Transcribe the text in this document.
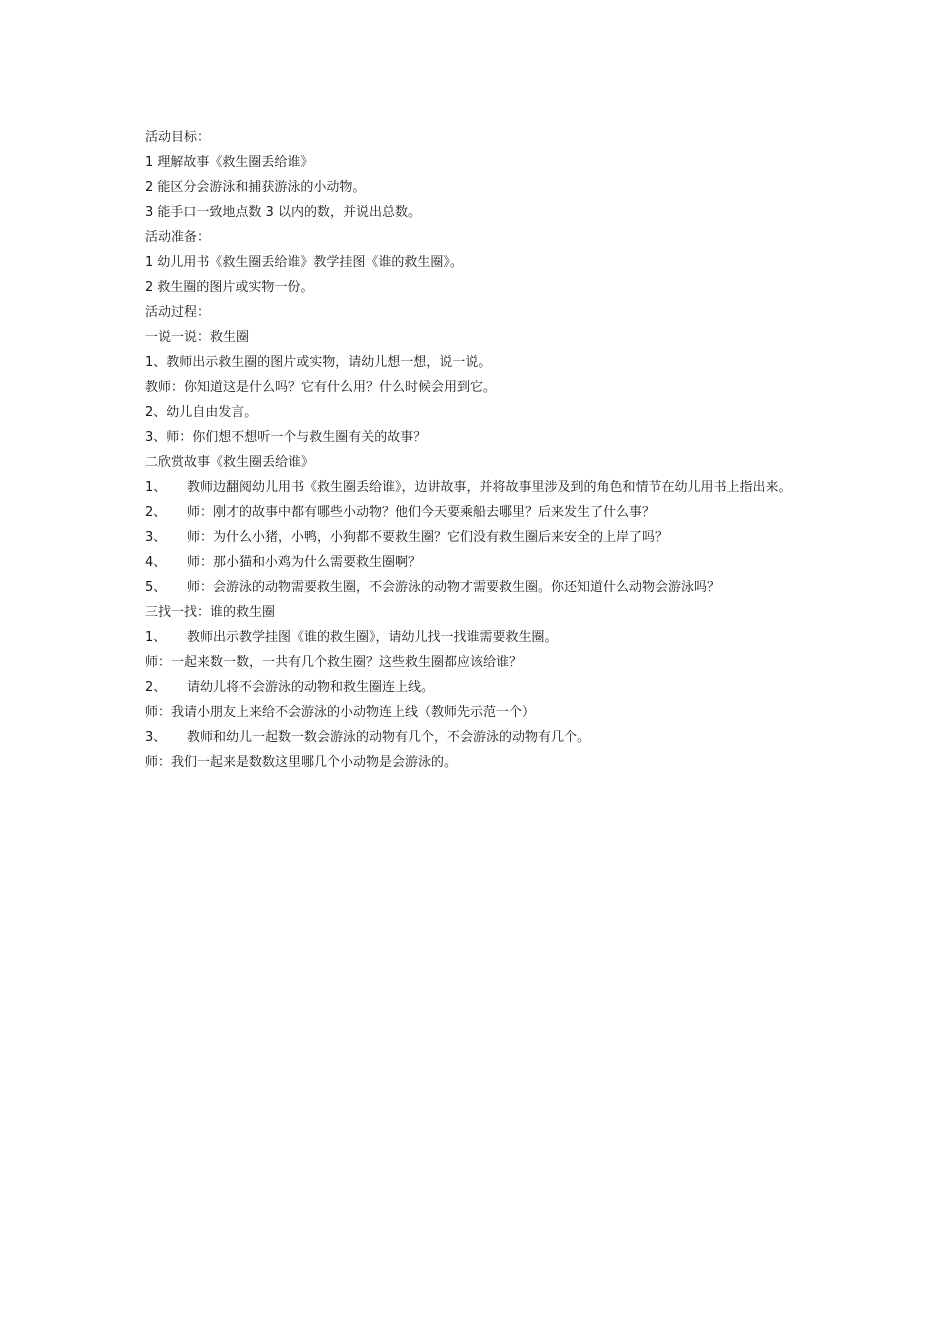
活动目标：
1 理解故事《救生圈丢给谁》
2 能区分会游泳和捕获游泳的小动物。
3 能手口一致地点数 3 以内的数，并说出总数。
活动准备：
1 幼儿用书《救生圈丢给谁》教学挂图《谁的救生圈》。
2 救生圈的图片或实物一份。
活动过程：
一说一说：救生圈
1、教师出示救生圈的图片或实物，请幼儿想一想，说一说。
教师：你知道这是什么吗？它有什么用？什么时候会用到它。
2、幼儿自由发言。
3、师：你们想不想听一个与救生圈有关的故事？
二欣赏故事《救生圈丢给谁》
1、 教师边翻阅幼儿用书《救生圈丢给谁》，边讲故事，并将故事里涉及到的角色和情节在幼儿用书上指出来。
2、 师：刚才的故事中都有哪些小动物？他们今天要乘船去哪里？后来发生了什么事？
3、 师：为什么小猪，小鸭，小狗都不要救生圈？它们没有救生圈后来安全的上岸了吗？
4、 师：那小猫和小鸡为什么需要救生圈啊？
5、 师：会游泳的动物需要救生圈，不会游泳的动物才需要救生圈。你还知道什么动物会游泳吗？
三找一找：谁的救生圈
1、 教师出示教学挂图《谁的救生圈》，请幼儿找一找谁需要救生圈。
师：一起来数一数，一共有几个救生圈？这些救生圈都应该给谁？
2、 请幼儿将不会游泳的动物和救生圈连上线。
师：我请小朋友上来给不会游泳的小动物连上线（教师先示范一个）
3、 教师和幼儿一起数一数会游泳的动物有几个，不会游泳的动物有几个。
师：我们一起来是数数这里哪几个小动物是会游泳的。
